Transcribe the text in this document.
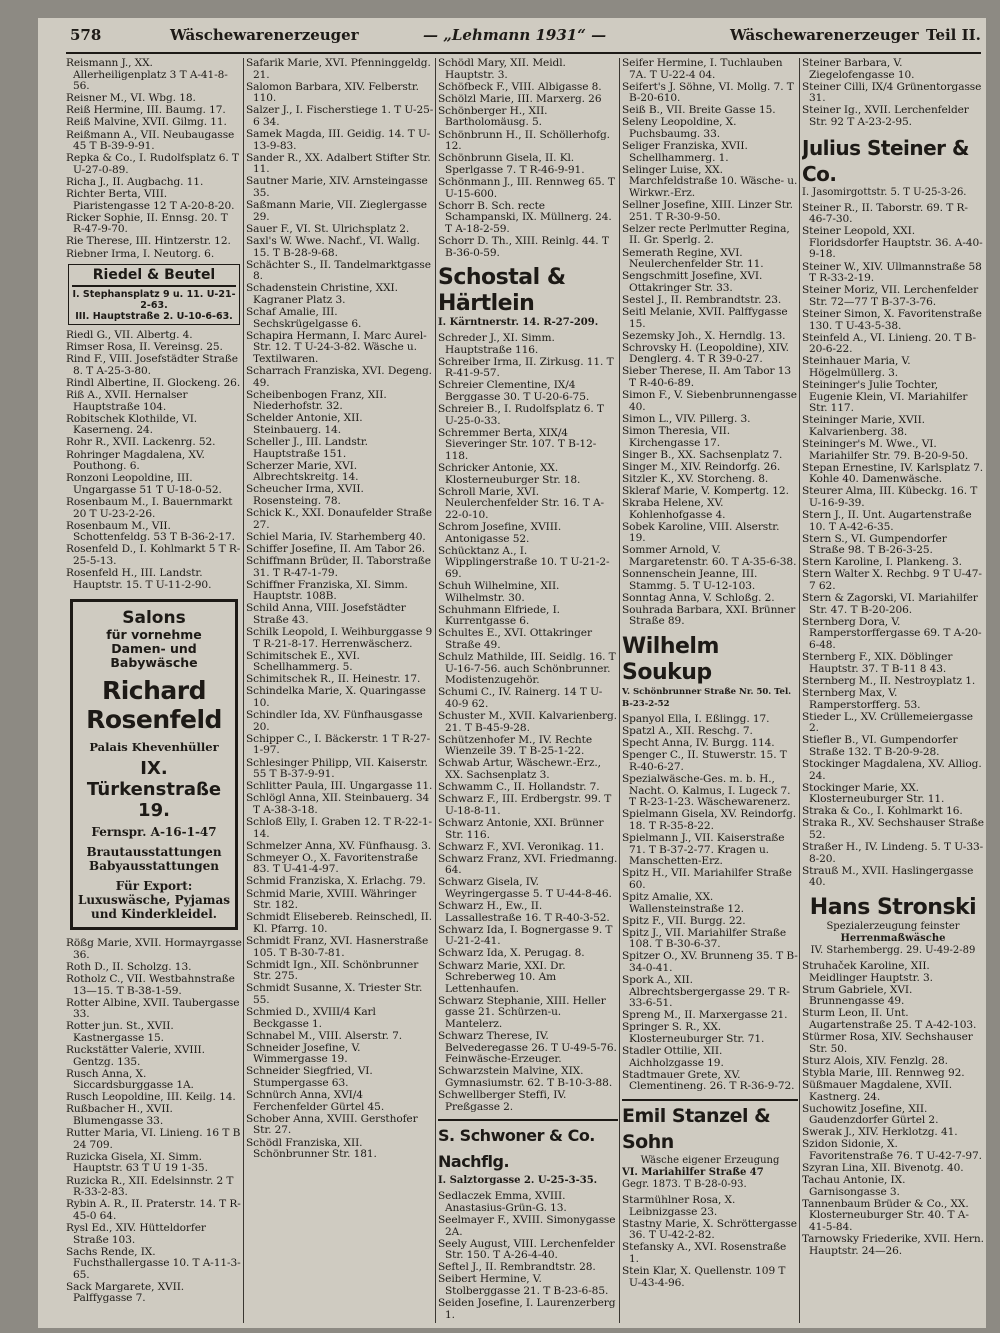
578	Wäschewarenerzeuger	— „Lehmann 1931“ —	Wäschewarenerzeuger Teil II.
Reismann J., XX. Allerheiligenplatz 3 T A-41-8-56.
Reisner M., VI. Wbg. 18.
Reiß Hermine, III. Baumg. 17.
Reiß Malvine, XVII. Gilmg. 11.
Reißmann A., VII. Neubaugasse 45 T B-39-9-91.
Repka & Co., I. Rudolfsplatz 6. T U-27-0-89.
Richa J., II. Augbachg. 11.
Richter Berta, VIII. Piaristengasse 12 T A-20-8-20.
Ricker Sophie, II. Ennsg. 20. T R-47-9-70.
Rie Therese, III. Hintzerstr. 12.
Riebner Irma, I. Neutorg. 6.
Riedel & Beutel
I. Stephansplatz 9 u. 11. U-21-2-63.
III. Hauptstraße 2. U-10-6-63.
Riedl G., VII. Albertg. 4.
Rimser Rosa, II. Vereinsg. 25.
Rind F., VIII. Josefstädter Straße 8. T A-25-3-80.
Rindl Albertine, II. Glockeng. 26.
Riß A., XVII. Hernalser Hauptstraße 104.
Robitschek Klothilde, VI. Kaserneng. 24.
Rohr R., XVII. Lackenrg. 52.
Rohringer Magdalena, XV. Pouthong. 6.
Ronzoni Leopoldine, III. Ungargasse 51 T U-18-0-52.
Rosenbaum M., I. Bauernmarkt 20 T U-23-2-26.
Rosenbaum M., VII. Schottenfeldg. 53 T B-36-2-17.
Rosenfeld D., I. Kohlmarkt 5 T R-25-5-13.
Rosenfeld H., III. Landstr. Hauptstr. 15. T U-11-2-90.
Salons
für vornehme Damen- und Babywäsche
Richard Rosenfeld
Palais Khevenhüller
IX. Türkenstraße 19.
Fernspr. A-16-1-47
Brautausstattungen Babyausstattungen
Für Export: Luxuswäsche, Pyjamas und Kinderkleidel.
Rößg Marie, XVII. Hormayrgasse 36.
Roth D., II. Scholzg. 13.
Rotholz C., VII. Westbahnstraße 13—15. T B-38-1-59.
Rotter Albine, XVII. Taubergasse 33.
Rotter jun. St., XVII. Kastnergasse 15.
Ruckstätter Valerie, XVIII. Gentzg. 135.
Rusch Anna, X. Siccardsburggasse 1A.
Rusch Leopoldine, III. Keilg. 14.
Rußbacher H., XVII. Blumengasse 33.
Rutter Maria, VI. Linieng. 16 T B 24 709.
Ruzicka Gisela, XI. Simm. Hauptstr. 63 T U 19 1-35.
Ruzicka R., XII. Edelsinnstr. 2 T R-33-2-83.
Rybin A. R., II. Praterstr. 14. T R-45-0 64.
Rysl Ed., XIV. Hütteldorfer Straße 103.
Sachs Rende, IX. Fuchsthallergasse 10. T A-11-3-65.
Sack Margarete, XVII. Palffygasse 7.
Safarik Marie, XVI. Pfenninggeldg. 21.
Salomon Barbara, XIV. Felberstr. 110.
Salzer J., I. Fischerstiege 1. T U-25-6 34.
Samek Magda, III. Geidig. 14. T U-13-9-83.
Sander R., XX. Adalbert Stifter Str. 11.
Sautner Marie, XIV. Arnsteingasse 35.
Saßmann Marie, VII. Zieglergasse 29.
Sauer F., VI. St. Ulrichsplatz 2.
Saxl's W. Wwe. Nachf., VI. Wallg. 15. T B-28-9-68.
Schächter S., II. Tandelmarktgasse 8.
Schadenstein Christine, XXI. Kagraner Platz 3.
Schaf Amalie, III. Sechskrügelgasse 6.
Schapira Hermann, I. Marc Aurel-Str. 12. T U-24-3-82. Wäsche u. Textilwaren.
Scharrach Franziska, XVI. Degeng. 49.
Scheibenbogen Franz, XII. Niederhofstr. 32.
Schelder Antonie, XII. Steinbauerg. 14.
Scheller J., III. Landstr. Hauptstraße 151.
Scherzer Marie, XVI. Albrechtskreitg. 14.
Scheucher Irma, XVII. Rosensteing. 78.
Schick K., XXI. Donaufelder Straße 27.
Schiel Maria, IV. Starhemberg 40.
Schiffer Josefine, II. Am Tabor 26.
Schiffmann Brüder, II. Taborstraße 31. T R-47-1-79.
Schiffner Franziska, XI. Simm. Hauptstr. 108B.
Schild Anna, VIII. Josefstädter Straße 43.
Schilk Leopold, I. Weihburggasse 9 T R-21-8-17. Herrenwäscherz.
Schimitschek E., XVI. Schellhammerg. 5.
Schimitschek R., II. Heinestr. 17.
Schindelka Marie, X. Quaringasse 10.
Schindler Ida, XV. Fünfhausgasse 20.
Schipper C., I. Bäckerstr. 1 T R-27-1-97.
Schlesinger Philipp, VII. Kaiserstr. 55 T B-37-9-91.
Schlitter Paula, III. Ungargasse 11.
Schlögl Anna, XII. Steinbauerg. 34 T A-38-3-18.
Schloß Elly, I. Graben 12. T R-22-1-14.
Schmelzer Anna, XV. Fünfhausg. 3.
Schmeyer O., X. Favoritenstraße 83. T U-41-4-97.
Schmid Franziska, X. Erlachg. 79.
Schmid Marie, XVIII. Währinger Str. 182.
Schmidt Elisebereb. Reinschedl, II. Kl. Pfarrg. 10.
Schmidt Franz, XVI. Hasnerstraße 105. T B-30-7-81.
Schmidt Ign., XII. Schönbrunner Str. 275.
Schmidt Susanne, X. Triester Str. 55.
Schmied D., XVIII/4 Karl Beckgasse 1.
Schnabel M., VIII. Alserstr. 7.
Schneider Josefine, V. Wimmergasse 19.
Schneider Siegfried, VI. Stumpergasse 63.
Schnürch Anna, XVI/4 Ferchenfelder Gürtel 45.
Schober Anna, XVIII. Gersthofer Str. 27.
Schödl Franziska, XII. Schönbrunner Str. 181.
Schödl Mary, XII. Meidl. Hauptstr. 3.
Schöfbeck F., VIII. Albigasse 8.
Schölzl Marie, III. Marxerg. 26
Schönberger H., XII. Bartholomäusg. 5.
Schönbrunn H., II. Schöllerhofg. 12.
Schönbrunn Gisela, II. Kl. Sperlgasse 7. T R-46-9-91.
Schönmann J., III. Rennweg 65. T U-15-600.
Schorr B. Sch. recte Schampanski, IX. Müllnerg. 24. T A-18-2-59.
Schorr D. Th., XIII. Reinlg. 44. T B-36-0-59.
Schostal & Härtlein
I. Kärntnerstr. 14. R-27-209.
Schreder J., XI. Simm. Hauptstraße 116.
Schreiber Irma, II. Zirkusg. 11. T R-41-9-57.
Schreier Clementine, IX/4 Berggasse 30. T U-20-6-75.
Schreier B., I. Rudolfsplatz 6. T U-25-0-33.
Schremmer Berta, XIX/4 Sieveringer Str. 107. T B-12-118.
Schricker Antonie, XX. Klosterneuburger Str. 18.
Schroll Marie, XVI. Neulerchenfelder Str. 16. T A-22-0-10.
Schrom Josefine, XVIII. Antonigasse 52.
Schücktanz A., I. Wipplingerstraße 10. T U-21-2-69.
Schuh Wilhelmine, XII. Wilhelmstr. 30.
Schuhmann Elfriede, I. Kurrentgasse 6.
Schultes E., XVI. Ottakringer Straße 49.
Schulz Mathilde, III. Seidlg. 16. T U-16-7-56. auch Schönbrunner. Modistenzugehör.
Schumi C., IV. Rainerg. 14 T U-40-9 62.
Schuster M., XVII. Kalvarienberg. 21. T B-45-9-28.
Schützenhofer M., IV. Rechte Wienzeile 39. T B-25-1-22.
Schwab Artur, Wäschewr.-Erz., XX. Sachsenplatz 3.
Schwamm C., II. Hollandstr. 7.
Schwarz F., III. Erdbergstr. 99. T U-18-8-11.
Schwarz Antonie, XXI. Brünner Str. 116.
Schwarz F., XVI. Veronikag. 11.
Schwarz Franz, XVI. Friedmanng. 64.
Schwarz Gisela, IV. Weyringergasse 5. T U-44-8-46.
Schwarz H., Ew., II. Lassallestraße 16. T R-40-3-52.
Schwarz Ida, I. Bognergasse 9. T U-21-2-41.
Schwarz Ida, X. Perugag. 8.
Schwarz Marie, XXI. Dr. Schreberweg 10. Am Lettenhaufen.
Schwarz Stephanie, XIII. Heller gasse 21. Schürzen-u. Mantelerz.
Schwarz Therese, IV. Belvederegasse 26. T U-49-5-76. Feinwäsche-Erzeuger.
Schwarzstein Malvine, XIX. Gymnasiumstr. 62. T B-10-3-88.
Schwellberger Steffi, IV. Preßgasse 2.
S. Schwoner & Co. Nachflg.
I. Salztorgasse 2. U-25-3-35.
Sedlaczek Emma, XVIII. Anastasius-Grün-G. 13.
Seelmayer F., XVIII. Simonygasse 2A.
Seely August, VIII. Lerchenfelder Str. 150. T A-26-4-40.
Seftel J., II. Rembrandtstr. 28.
Seibert Hermine, V. Stolberggasse 21. T B-23-6-85.
Seiden Josefine, I. Laurenzerberg 1.
Seifer Hermine, I. Tuchlauben 7A. T U-22-4 04.
Seifert's J. Söhne, VI. Mollg. 7. T B-20-610.
Seiß B., VII. Breite Gasse 15.
Seleny Leopoldine, X. Puchsbaumg. 33.
Seliger Franziska, XVII. Schellhammerg. 1.
Selinger Luise, XX. Marchfeldstraße 10. Wäsche- u. Wirkwr.-Erz.
Sellner Josefine, XIII. Linzer Str. 251. T R-30-9-50.
Selzer recte Perlmutter Regina, II. Gr. Sperlg. 2.
Semerath Regine, XVI. Neulerchenfelder Str. 11.
Sengschmitt Josefine, XVI. Ottakringer Str. 33.
Sestel J., II. Rembrandtstr. 23.
Seitl Melanie, XVII. Palffygasse 15.
Sezemsky Joh., X. Herndlg. 13.
Schrovsky H. (Leopoldine), XIV. Denglerg. 4. T R 39-0-27.
Sieber Therese, II. Am Tabor 13 T R-40-6-89.
Simon F., V. Siebenbrunnengasse 40.
Simon L., VIV. Pillerg. 3.
Simon Theresia, VII. Kirchengasse 17.
Singer B., XX. Sachsenplatz 7.
Singer M., XIV. Reindorfg. 26.
Sitzler K., XV. Storcheng. 8.
Skleraf Marie, V. Kompertg. 12.
Skraba Helene, XV. Kohlenhofgasse 4.
Sobek Karoline, VIII. Alserstr. 19.
Sommer Arnold, V. Margaretenstr. 60. T A-35-6-38.
Sonnenschein Jeanne, III. Stammg. 5. T U-12-103.
Sonntag Anna, V. Schloßg. 2.
Souhrada Barbara, XXI. Brünner Straße 89.
Wilhelm Soukup
V. Schönbrunner Straße Nr. 50. Tel. B-23-2-52
Spanyol Ella, I. Eßlingg. 17.
Spatzl A., XII. Reschg. 7.
Specht Anna, IV. Burgg. 114.
Spenger C., II. Stuwerstr. 15. T R-40-6-27.
Spezialwäsche-Ges. m. b. H., Nacht. O. Kalmus, I. Lugeck 7. T R-23-1-23. Wäschewarenerz.
Spielmann Gisela, XV. Reindorfg. 18. T R-35-8-22.
Spielmann J., VII. Kaiserstraße 71. T B-37-2-77. Kragen u. Manschetten-Erz.
Spitz H., VII. Mariahilfer Straße 60.
Spitz Amalie, XX. Wallensteinstraße 12.
Spitz F., VII. Burgg. 22.
Spitz J., VII. Mariahilfer Straße 108. T B-30-6-37.
Spitzer O., XV. Brunneng 35. T B-34-0-41.
Spork A., XII. Albrechtsbergergasse 29. T R-33-6-51.
Spreng M., II. Marxergasse 21.
Springer S. R., XX. Klosterneuburger Str. 71.
Stadler Ottilie, XII. Aichholzgasse 19.
Stadtmauer Grete, XV. Clementineng. 26. T R-36-9-72.
Emil Stanzel & Sohn
Wäsche eigener Erzeugung
VI. Mariahilfer Straße 47
Gegr. 1873. T B-28-0-93.
Starmühlner Rosa, X. Leibnizgasse 23.
Stastny Marie, X. Schröttergasse 36. T U-42-2-82.
Stefansky A., XVI. Rosenstraße 1.
Stein Klar, X. Quellenstr. 109 T U-43-4-96.
Steiner Barbara, V. Ziegelofengasse 10.
Steiner Cilli, IX/4 Grünentorgasse 31.
Steiner Ig., XVII. Lerchenfelder Str. 92 T A-23-2-95.
Julius Steiner & Co.
I. Jasomirgottstr. 5. T U-25-3-26.
Steiner R., II. Taborstr. 69. T R-46-7-30.
Steiner Leopold, XXI. Floridsdorfer Hauptstr. 36. A-40-9-18.
Steiner W., XIV. Ullmannstraße 58 T R-33-2-19.
Steiner Moriz, VII. Lerchenfelder Str. 72—77 T B-37-3-76.
Steiner Simon, X. Favoritenstraße 130. T U-43-5-38.
Steinfeld A., VI. Linieng. 20. T B-20-6-22.
Steinhauer Maria, V. Högelmüllerg. 3.
Steininger's Julie Tochter, Eugenie Klein, VI. Mariahilfer Str. 117.
Steininger Marie, XVII. Kalvarienberg. 38.
Steininger's M. Wwe., VI. Mariahilfer Str. 79. B-20-9-50.
Stepan Ernestine, IV. Karlsplatz 7. Kohle 40. Damenwäsche.
Steurer Alma, III. Kübeckg. 16. T U-16-9-39.
Stern J., II. Unt. Augartenstraße 10. T A-42-6-35.
Stern S., VI. Gumpendorfer Straße 98. T B-26-3-25.
Stern Karoline, I. Plankeng. 3.
Stern Walter X. Rechbg. 9 T U-47-7 62.
Stern & Zagorski, VI. Mariahilfer Str. 47. T B-20-206.
Sternberg Dora, V. Ramperstorffergasse 69. T A-20-6-48.
Sternberg F., XIX. Döblinger Hauptstr. 37. T B-11 8 43.
Sternberg M., II. Nestroyplatz 1.
Sternberg Max, V. Ramperstorfferg. 53.
Stieder L., XV. Crüllemeiergasse 2.
Stiefler B., VI. Gumpendorfer Straße 132. T B-20-9-28.
Stockinger Magdalena, XV. Alliog. 24.
Stockinger Marie, XX. Klosterneuburger Str. 11.
Straka & Co., I. Kohlmarkt 16.
Straka R., XV. Sechshauser Straße 52.
Straßer H., IV. Lindeng. 5. T U-33-8-20.
Strauß M., XVII. Haslingergasse 40.
Hans Stronski
Spezialerzeugung feinster
Herrenmaßwäsche
IV. Starhembergg. 29. U-49-2-89
Struhaček Karoline, XII. Meidlinger Hauptstr. 3.
Strum Gabriele, XVI. Brunnengasse 49.
Sturm Leon, II. Unt. Augartenstraße 25. T A-42-103.
Stürmer Rosa, XIV. Sechshauser Str. 50.
Sturz Alois, XIV. Fenzlg. 28.
Stybla Marie, III. Rennweg 92.
Süßmauer Magdalene, XVII. Kastnerg. 24.
Suchowitz Josefine, XII. Gaudenzdorfer Gürtel 2.
Swerak J., XIV. Herklotzg. 41.
Szidon Sidonie, X. Favoritenstraße 76. T U-42-7-97.
Szyran Lina, XII. Bivenotg. 40.
Tachau Antonie, IX. Garnisongasse 3.
Tannenbaum Brüder & Co., XX. Klosterneuburger Str. 40. T A-41-5-84.
Tarnowsky Friederike, XVII. Hern. Hauptstr. 24—26.
